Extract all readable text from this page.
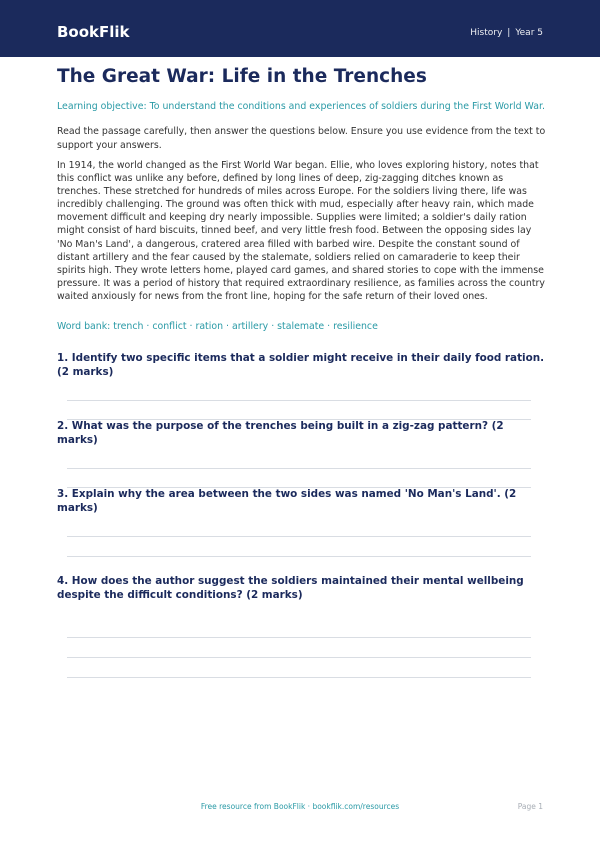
BookFlik	History | Year 5
The Great War: Life in the Trenches

Learning objective: To understand the conditions and experiences of soldiers during the First World War.

Read the passage carefully, then answer the questions below. Ensure you use evidence from the text to support your answers.

In 1914, the world changed as the First World War began. Ellie, who loves exploring history, notes that this conflict was unlike any before, defined by long lines of deep, zig-zagging ditches known as trenches. These stretched for hundreds of miles across Europe. For the soldiers living there, life was incredibly challenging. The ground was often thick with mud, especially after heavy rain, which made movement difficult and keeping dry nearly impossible. Supplies were limited; a soldier's daily ration might consist of hard biscuits, tinned beef, and very little fresh food. Between the opposing sides lay 'No Man's Land', a dangerous, cratered area filled with barbed wire. Despite the constant sound of distant artillery and the fear caused by the stalemate, soldiers relied on camaraderie to keep their spirits high. They wrote letters home, played card games, and shared stories to cope with the immense pressure. It was a period of history that required extraordinary resilience, as families across the country waited anxiously for news from the front line, hoping for the safe return of their loved ones.

Word bank: trench · conflict · ration · artillery · stalemate · resilience

1. Identify two specific items that a soldier might receive in their daily food ration. (2 marks)
2. What was the purpose of the trenches being built in a zig-zag pattern? (2 marks)
3. Explain why the area between the two sides was named 'No Man's Land'. (2 marks)
4. How does the author suggest the soldiers maintained their mental wellbeing despite the difficult conditions? (2 marks)
Free resource from BookFlik · bookflik.com/resources	Page 1
